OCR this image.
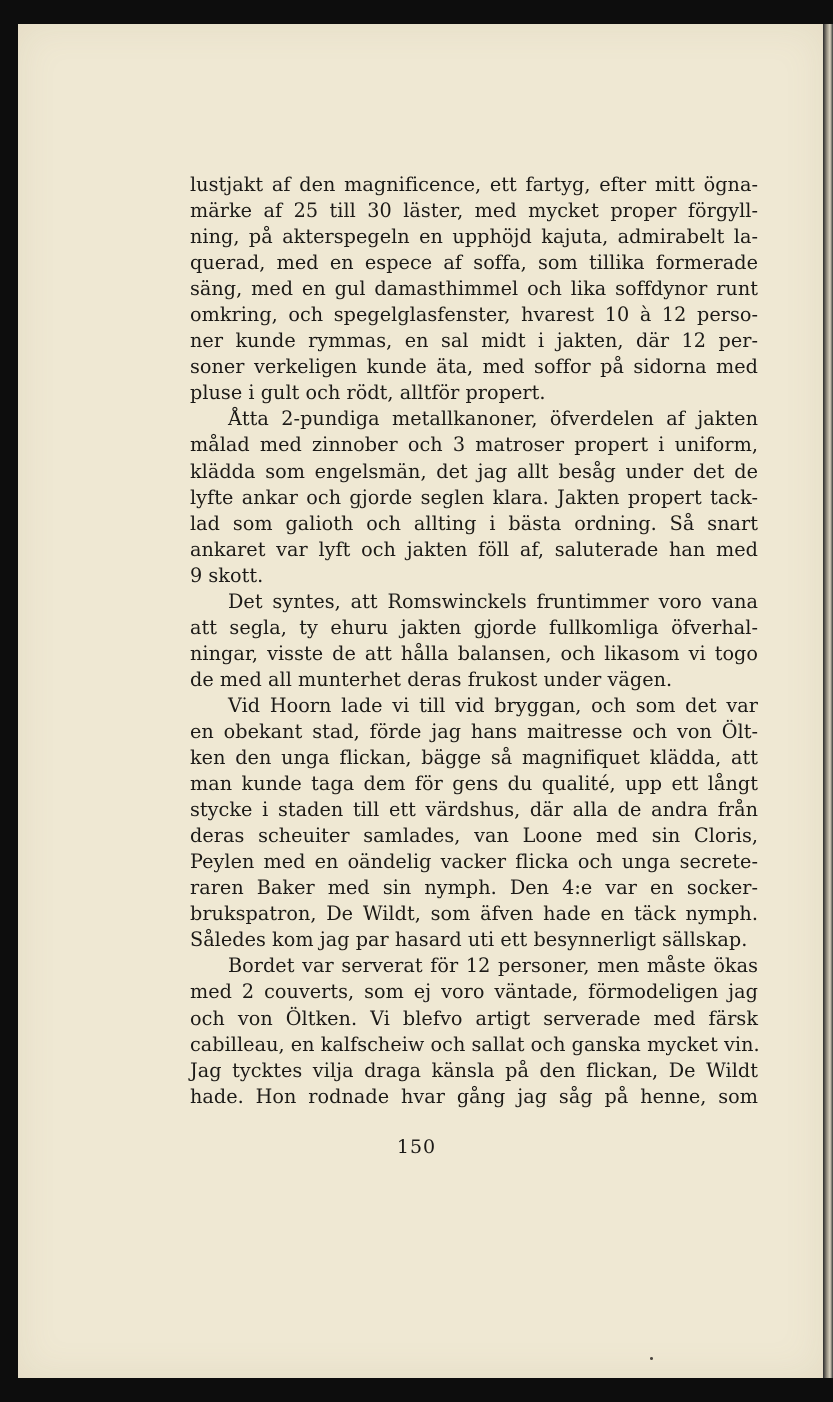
lustjakt af den magnificence, ett fartyg, efter mitt ögna-
märke af 25 till 30 läster, med mycket proper förgyll-
ning, på akterspegeln en upphöjd kajuta, admirabelt la-
querad, med en especе af soffa, som tillika formerade
säng, med en gul damasthimmel och lika soffdynor runt
omkring, och spegelglasfenster, hvarest 10 à 12 perso-
ner kunde rymmas, en sal midt i jakten, där 12 per-
soner verkeligen kunde äta, med soffor på sidorna med
pluse i gult och rödt, alltför propert.
Åtta 2-pundiga metallkanoner, öfverdelen af jakten
målad med zinnober och 3 matroser propert i uniform,
klädda som engelsmän, det jag allt besåg under det de
lyfte ankar och gjorde seglen klara. Jakten propert tack-
lad som galioth och allting i bästa ordning. Så snart
ankaret var lyft och jakten föll af, saluterade han med
9 skott.
Det syntes, att Romswinckels fruntimmer voro vana
att segla, ty ehuru jakten gjorde fullkomliga öfverhal-
ningar, visste de att hålla balansen, och likasom vi togo
de med all munterhet deras frukost under vägen.
Vid Hoorn lade vi till vid bryggan, och som det var
en obekant stad, förde jag hans maitresse och von Ölt-
ken den unga flickan, bägge så magnifiquet klädda, att
man kunde taga dem för gens du qualité, upp ett långt
stycke i staden till ett värdshus, där alla de andra från
deras scheuiter samlades, van Loone med sin Cloris,
Peylen med en oändelig vacker flicka och unga secrete-
raren Baker med sin nymph. Den 4:e var en socker-
brukspatron, De Wildt, som äfven hade en täck nymph.
Således kom jag par hasard uti ett besynnerligt sällskap.
Bordet var serverat för 12 personer, men måste ökas
med 2 couverts, som ej voro väntade, förmodeligen jag
och von Öltken. Vi blefvo artigt serverade med färsk
cabilleau, en kalfscheiw och sallat och ganska mycket vin.
Jag tycktes vilja draga känsla på den flickan, De Wildt
hade. Hon rodnade hvar gång jag såg på henne, som
150
